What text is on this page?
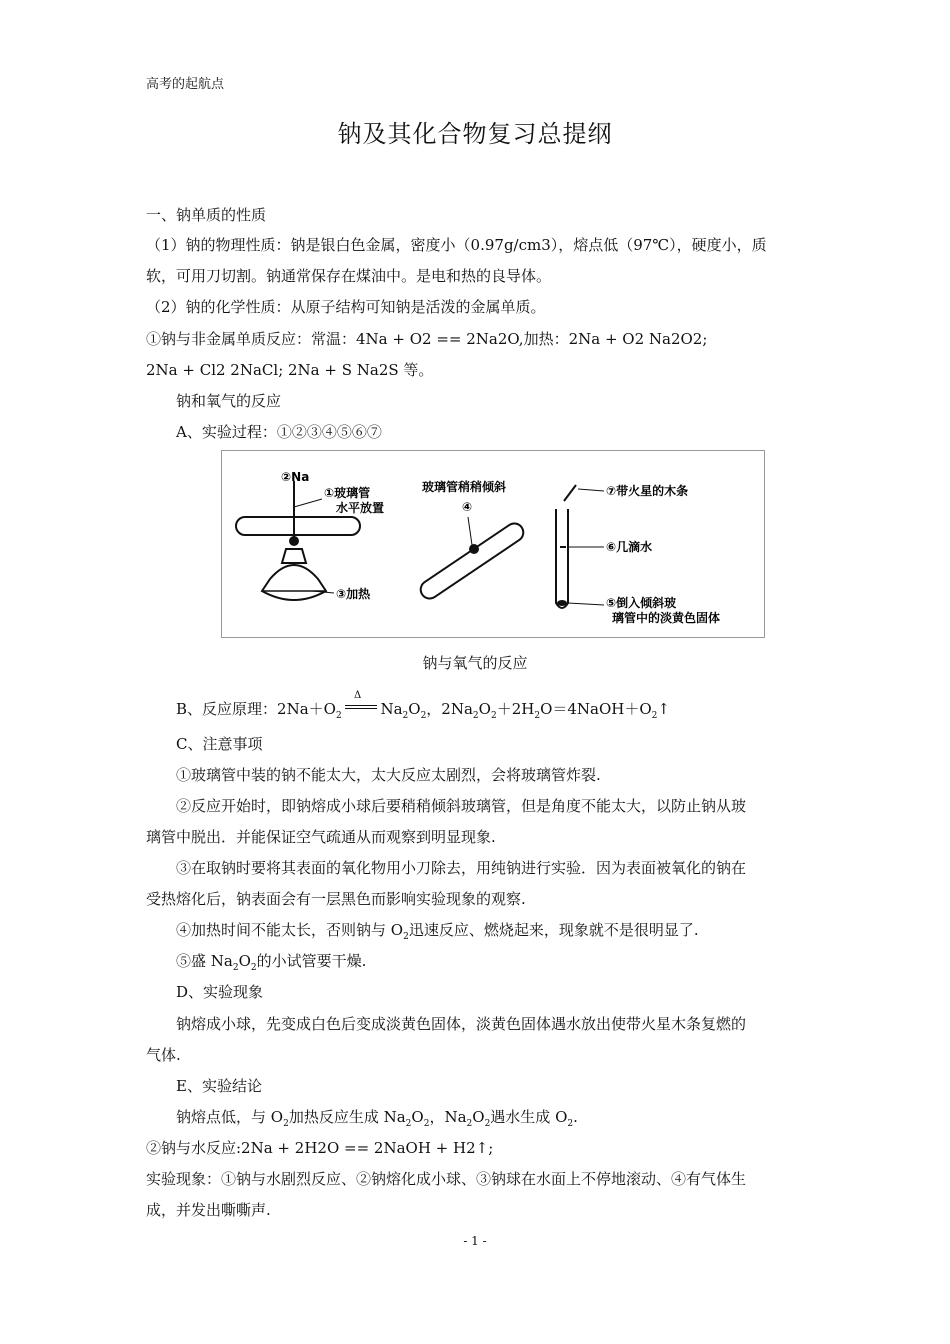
高考的起航点
钠及其化合物复习总提纲
一、钠单质的性质
（1）钠的物理性质：钠是银白色金属，密度小（0.97g/cm3），熔点低（97℃），硬度小，质
软，可用刀切割。钠通常保存在煤油中。是电和热的良导体。
（2）钠的化学性质：从原子结构可知钠是活泼的金属单质。
①钠与非金属单质反应：常温：4Na + O2 == 2Na2O,加热：2Na + O2 Na2O2;
2Na + Cl2 2NaCl; 2Na + S Na2S 等。
钠和氧气的反应
A、实验过程：①②③④⑤⑥⑦
②Na
①玻璃管
水平放置
③加热
玻璃管稍稍倾斜
④
⑦带火星的木条
⑥几滴水
⑤倒入倾斜玻
璃管中的淡黄色固体
钠与氧气的反应
Δ
B、反应原理：$2Na+O_2$ $Na_2O_2$，$2Na_2O_2+2H_2O=4NaOH+O_2↑$
C、注意事项
①玻璃管中装的钠不能太大，太大反应太剧烈，会将玻璃管炸裂.
②反应开始时，即钠熔成小球后要稍稍倾斜玻璃管，但是角度不能太大，以防止钠从玻
璃管中脱出．并能保证空气疏通从而观察到明显现象.
③在取钠时要将其表面的氧化物用小刀除去，用纯钠进行实验．因为表面被氧化的钠在
受热熔化后，钠表面会有一层黑色而影响实验现象的观察.
④加热时间不能太长，否则钠与 $O_2$迅速反应、燃烧起来，现象就不是很明显了.
⑤盛 $Na_2O_2$的小试管要干燥.
D、实验现象
钠熔成小球，先变成白色后变成淡黄色固体，淡黄色固体遇水放出使带火星木条复燃的
气体.
E、实验结论
钠熔点低，与 $O_2$加热反应生成 $Na_2O_2$，$Na_2O_2$遇水生成 $O_2$.
②钠与水反应:2Na + 2H2O == 2NaOH + H2↑;
实验现象：①钠与水剧烈反应、②钠熔化成小球、③钠球在水面上不停地滚动、④有气体生
成，并发出嘶嘶声.
- 1 -
